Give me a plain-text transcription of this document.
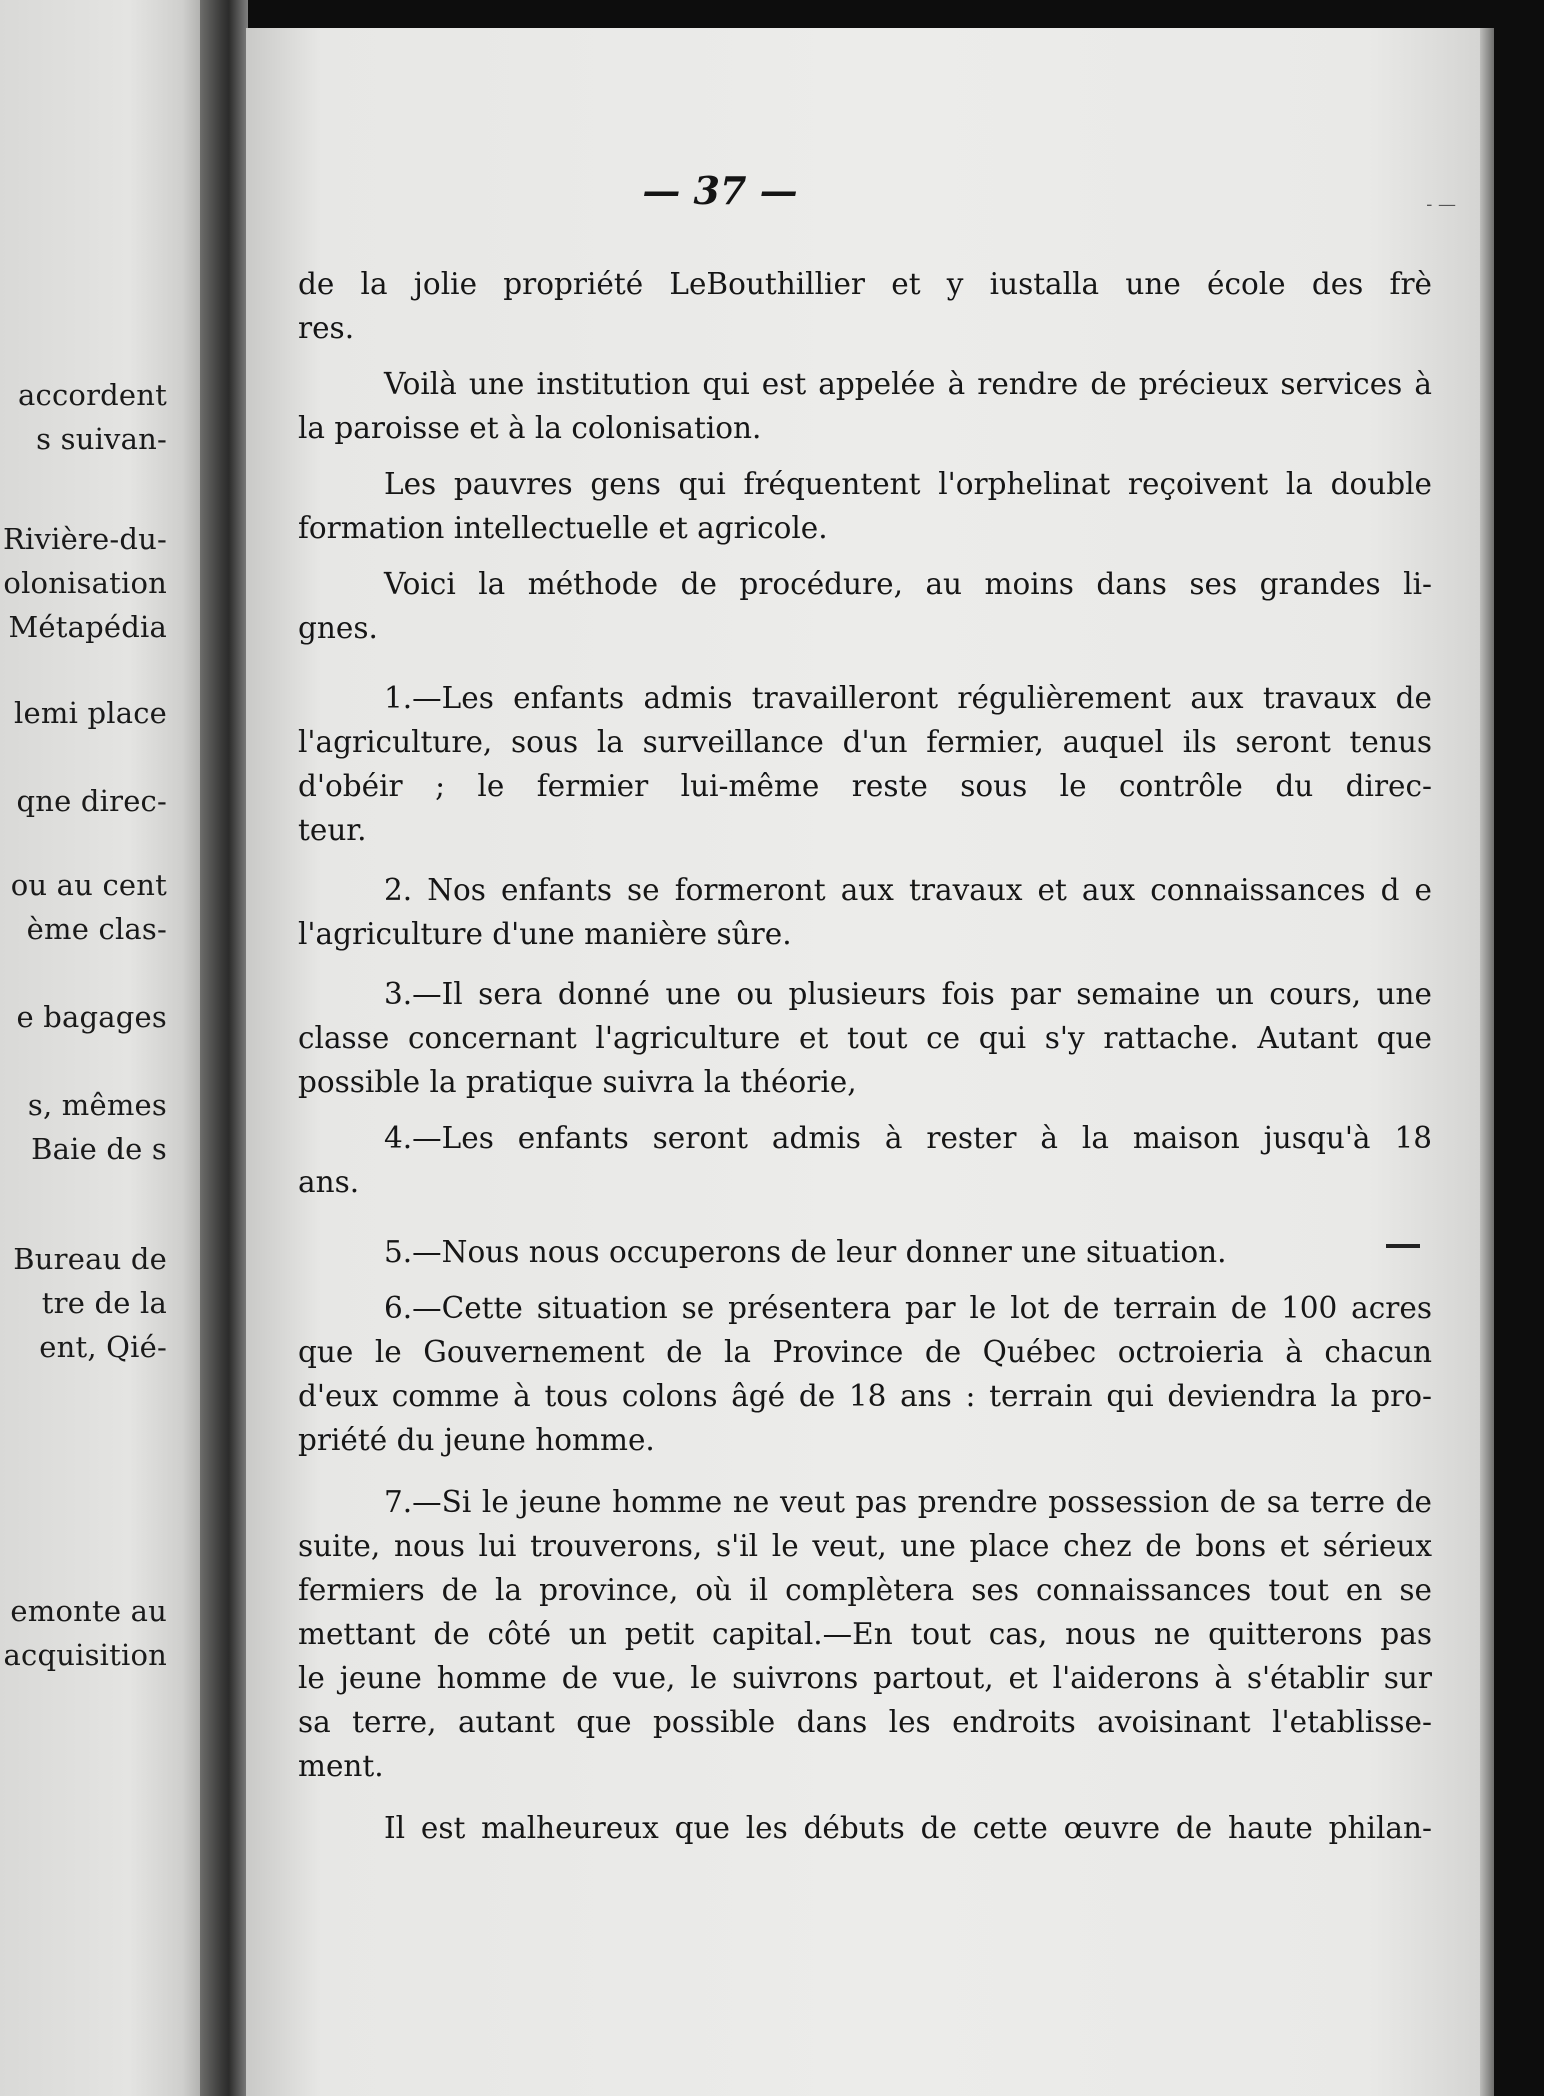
accordent
s suivan-
Rivière-du-
olonisation
Métapédia
lemi place
qne direc-
ou au cent
ème clas-
e bagages
s, mêmes
Baie de s
Bureau de
tre de la
ent, Qié-
emonte au
acquisition
- —
— 37 —
de la jolie propriété LeBouthillier et y iustalla une école des frè
res.
Voilà une institution qui est appelée à rendre de précieux services à
la paroisse et à la colonisation.
Les pauvres gens qui fréquentent l'orphelinat reçoivent la double
formation intellectuelle et agricole.
Voici la méthode de procédure, au moins dans ses grandes li-
gnes.
1.—Les enfants admis travailleront régulièrement aux travaux de
l'agriculture, sous la surveillance d'un fermier, auquel ils seront tenus
d'obéir ; le fermier lui-même reste sous le contrôle du direc-
teur.
2. Nos enfants se formeront aux travaux et aux connaissances d e
l'agriculture d'une manière sûre.
3.—Il sera donné une ou plusieurs fois par semaine un cours, une
classe concernant l'agriculture et tout ce qui s'y rattache. Autant que
possible la pratique suivra la théorie,
4.—Les enfants seront admis à rester à la maison jusqu'à 18
ans.
5.—Nous nous occuperons de leur donner une situation.
6.—Cette situation se présentera par le lot de terrain de 100 acres
que le Gouvernement de la Province de Québec octroieria à chacun
d'eux comme à tous colons âgé de 18 ans : terrain qui deviendra la pro-
priété du jeune homme.
7.—Si le jeune homme ne veut pas prendre possession de sa terre de
suite, nous lui trouverons, s'il le veut, une place chez de bons et sérieux
fermiers de la province, où il complètera ses connaissances tout en se
mettant de côté un petit capital.—En tout cas, nous ne quitterons pas
le jeune homme de vue, le suivrons partout, et l'aiderons à s'établir sur
sa terre, autant que possible dans les endroits avoisinant l'etablisse-
ment.
Il est malheureux que les débuts de cette œuvre de haute philan-
